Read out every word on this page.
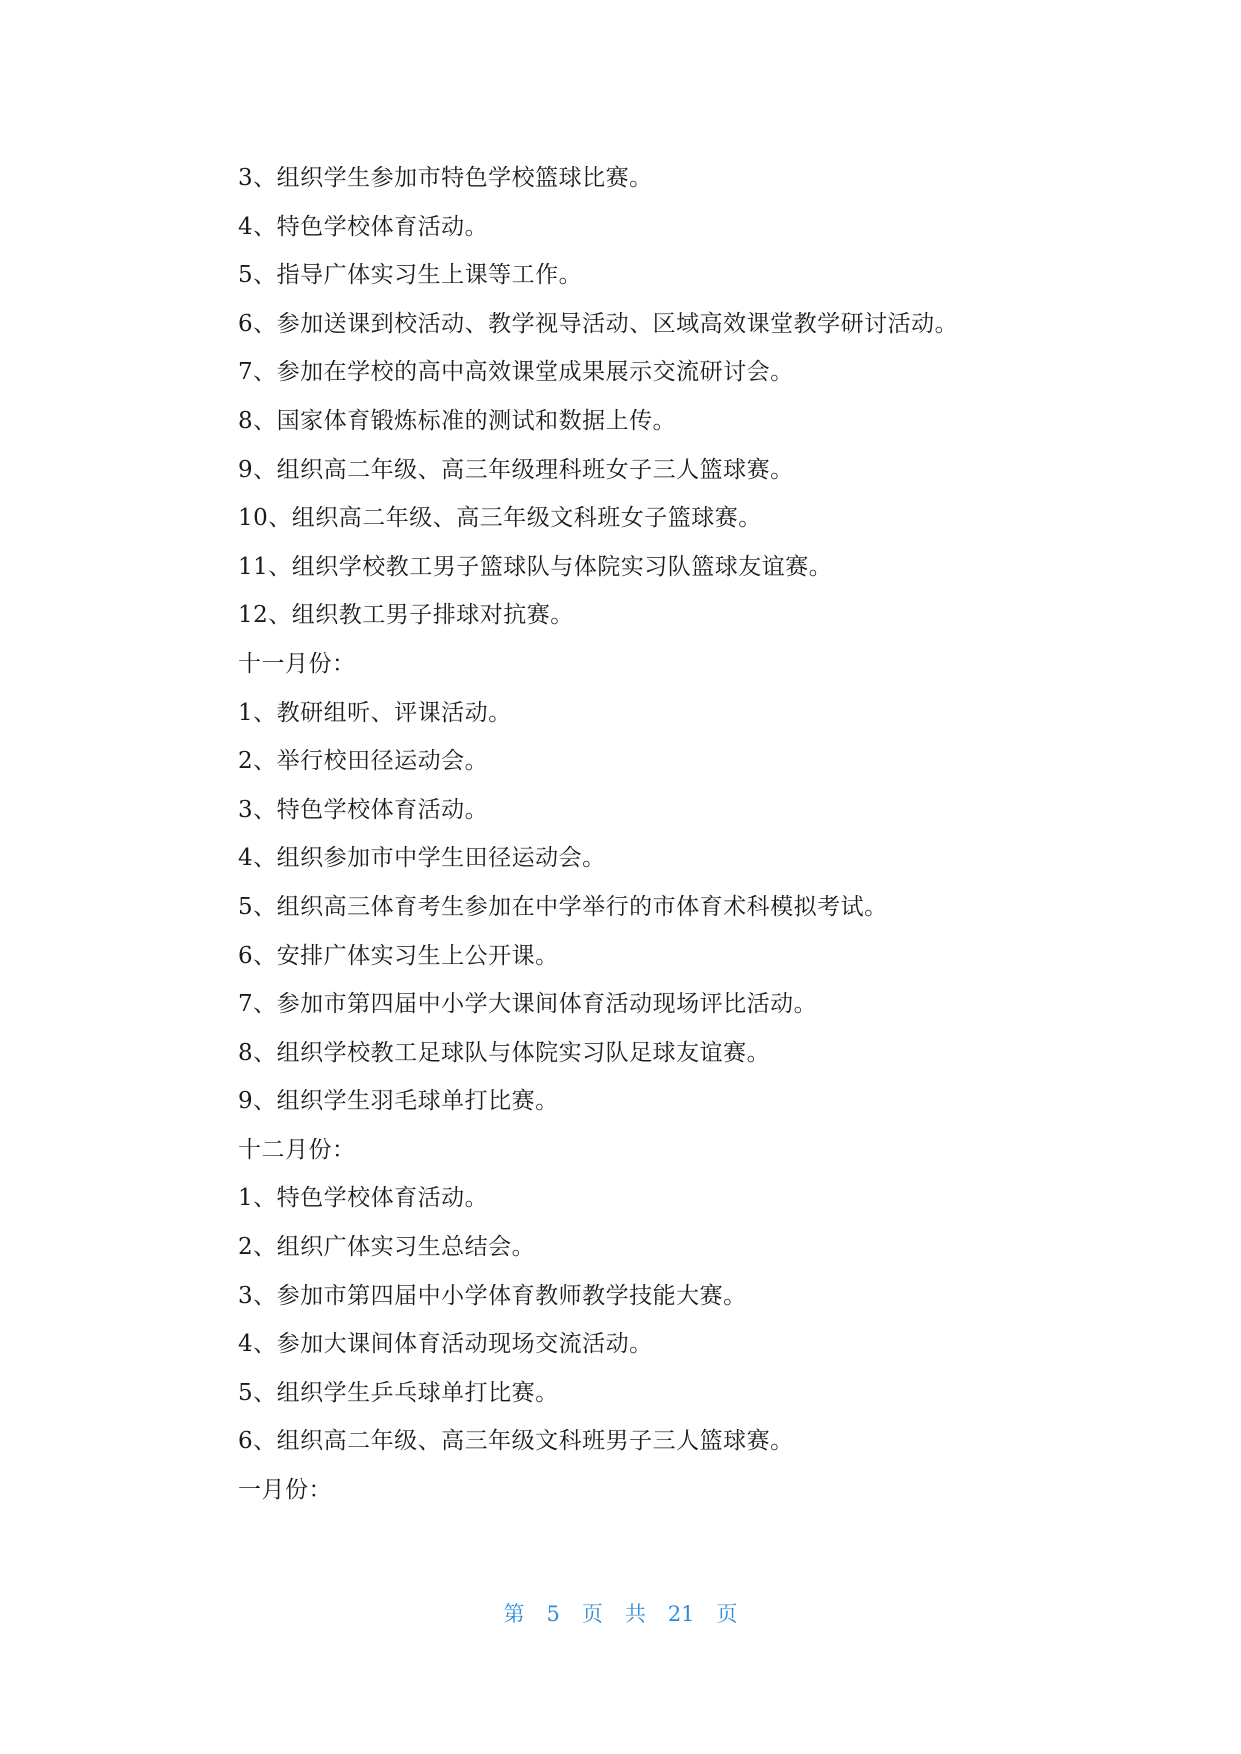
3、组织学生参加市特色学校篮球比赛。
4、特色学校体育活动。
5、指导广体实习生上课等工作。
6、参加送课到校活动、教学视导活动、区域高效课堂教学研讨活动。
7、参加在学校的高中高效课堂成果展示交流研讨会。
8、国家体育锻炼标准的测试和数据上传。
9、组织高二年级、高三年级理科班女子三人篮球赛。
10、组织高二年级、高三年级文科班女子篮球赛。
11、组织学校教工男子篮球队与体院实习队篮球友谊赛。
12、组织教工男子排球对抗赛。
十一月份：
1、教研组听、评课活动。
2、举行校田径运动会。
3、特色学校体育活动。
4、组织参加市中学生田径运动会。
5、组织高三体育考生参加在中学举行的市体育术科模拟考试。
6、安排广体实习生上公开课。
7、参加市第四届中小学大课间体育活动现场评比活动。
8、组织学校教工足球队与体院实习队足球友谊赛。
9、组织学生羽毛球单打比赛。
十二月份：
1、特色学校体育活动。
2、组织广体实习生总结会。
3、参加市第四届中小学体育教师教学技能大赛。
4、参加大课间体育活动现场交流活动。
5、组织学生乒乓球单打比赛。
6、组织高二年级、高三年级文科班男子三人篮球赛。
一月份：
第 5 页 共 21 页
